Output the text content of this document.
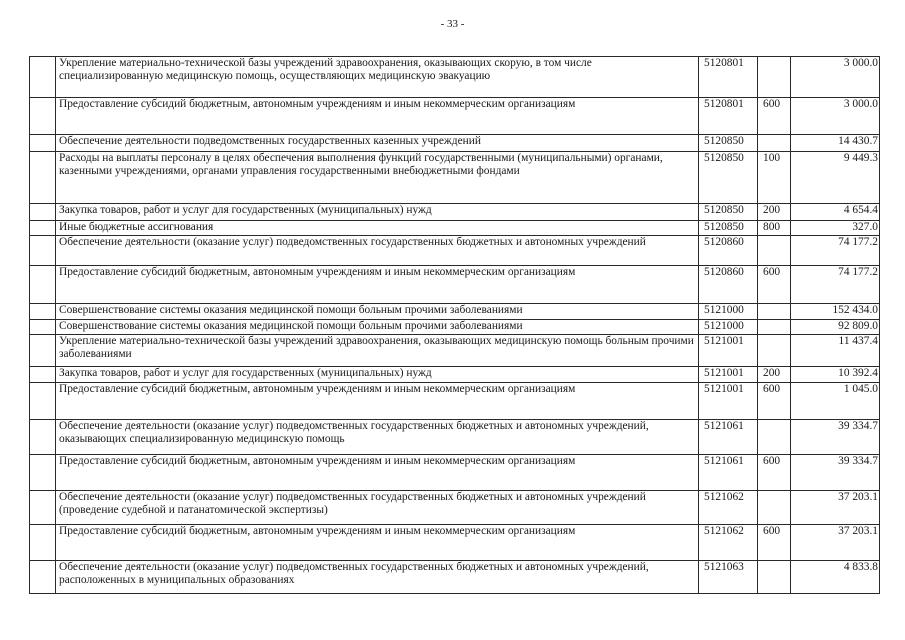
- 33 -
	Укрепление материально-технической базы учреждений здравоохранения, оказывающих скорую, в том числе специализированную медицинскую помощь, осуществляющих медицинскую эвакуацию	5120801		3 000.0
	Предоставление субсидий бюджетным, автономным учреждениям и иным некоммерческим организациям	5120801	600	3 000.0
	Обеспечение деятельности подведомственных государственных казенных учреждений	5120850		14 430.7
	Расходы на выплаты персоналу в целях обеспечения выполнения функций государственными (муниципальными) органами, казенными учреждениями, органами управления государственными внебюджетными фондами	5120850	100	9 449.3
	Закупка товаров, работ и услуг для государственных (муниципальных) нужд	5120850	200	4 654.4
	Иные бюджетные ассигнования	5120850	800	327.0
	Обеспечение деятельности (оказание услуг) подведомственных государственных бюджетных и автономных учреждений	5120860		74 177.2
	Предоставление субсидий бюджетным, автономным учреждениям и иным некоммерческим организациям	5120860	600	74 177.2
	Совершенствование системы оказания медицинской помощи больным прочими заболеваниями	5121000		152 434.0
	Совершенствование системы оказания медицинской помощи больным прочими заболеваниями	5121000		92 809.0
	Укрепление материально-технической базы учреждений здравоохранения, оказывающих медицинскую помощь больным прочими заболеваниями	5121001		11 437.4
	Закупка товаров, работ и услуг для государственных (муниципальных) нужд	5121001	200	10 392.4
	Предоставление субсидий бюджетным, автономным учреждениям и иным некоммерческим организациям	5121001	600	1 045.0
	Обеспечение деятельности (оказание услуг) подведомственных государственных бюджетных и автономных учреждений, оказывающих специализированную медицинскую помощь	5121061		39 334.7
	Предоставление субсидий бюджетным, автономным учреждениям и иным некоммерческим организациям	5121061	600	39 334.7
	Обеспечение деятельности (оказание услуг) подведомственных государственных бюджетных и автономных учреждений (проведение судебной и патанатомической экспертизы)	5121062		37 203.1
	Предоставление субсидий бюджетным, автономным учреждениям и иным некоммерческим организациям	5121062	600	37 203.1
	Обеспечение деятельности (оказание услуг) подведомственных государственных бюджетных и автономных учреждений, расположенных в муниципальных образованиях	5121063		4 833.8
